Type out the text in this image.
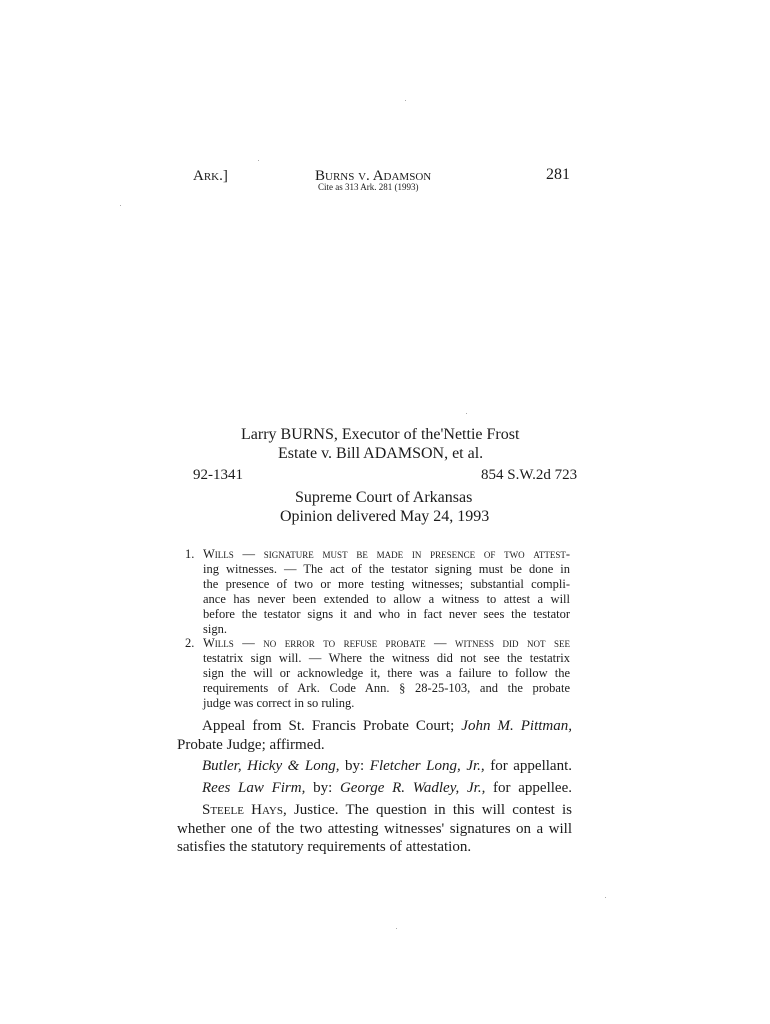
Ark.]	Burns v. Adamson
Cite as 313 Ark. 281 (1993)
281
Larry BURNS, Executor of the'Nettie Frost
Estate v. Bill ADAMSON, et al.
92-1341	854 S.W.2d 723
Supreme Court of Arkansas
Opinion delivered May 24, 1993
1. Wills — signature must be made in presence of two attest-
ing witnesses. — The act of the testator signing must be done in
the presence of two or more testing witnesses; substantial compli-
ance has never been extended to allow a witness to attest a will
before the testator signs it and who in fact never sees the testator
sign.
2. Wills — no error to refuse probate — witness did not see
testatrix sign will. — Where the witness did not see the testatrix
sign the will or acknowledge it, there was a failure to follow the
requirements of Ark. Code Ann. § 28-25-103, and the probate
judge was correct in so ruling.
Appeal from St. Francis Probate Court; John M. Pittman,
Probate Judge; affirmed.
Butler, Hicky & Long, by: Fletcher Long, Jr., for appellant.
Rees Law Firm, by: George R. Wadley, Jr., for appellee.
Steele Hays, Justice. The question in this will contest is
whether one of the two attesting witnesses' signatures on a will
satisfies the statutory requirements of attestation.
